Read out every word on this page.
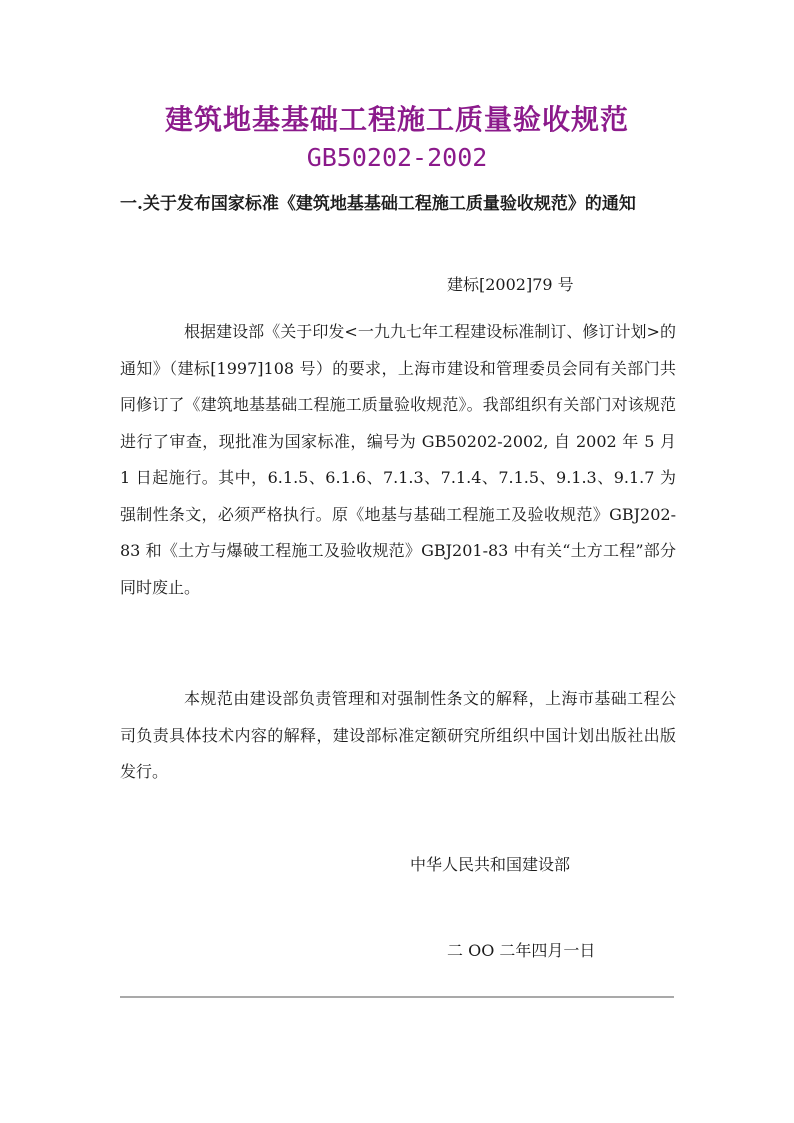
建筑地基基础工程施工质量验收规范
GB50202-2002

一.关于发布国家标准《建筑地基基础工程施工质量验收规范》的通知

建标[2002]79 号

根据建设部《关于印发<一九九七年工程建设标准制订、修订计划>的通知》（建标[1997]108 号）的要求，上海市建设和管理委员会同有关部门共同修订了《建筑地基基础工程施工质量验收规范》。我部组织有关部门对该规范进行了审查，现批准为国家标准，编号为 GB50202-2002, 自 2002 年 5 月 1 日起施行。其中，6.1.5、6.1.6、7.1.3、7.1.4、7.1.5、9.1.3、9.1.7 为强制性条文，必须严格执行。原《地基与基础工程施工及验收规范》GBJ202-83 和《土方与爆破工程施工及验收规范》GBJ201-83 中有关“土方工程”部分同时废止。

本规范由建设部负责管理和对强制性条文的解释，上海市基础工程公司负责具体技术内容的解释，建设部标准定额研究所组织中国计划出版社出版发行。

中华人民共和国建设部

二 OO 二年四月一日
